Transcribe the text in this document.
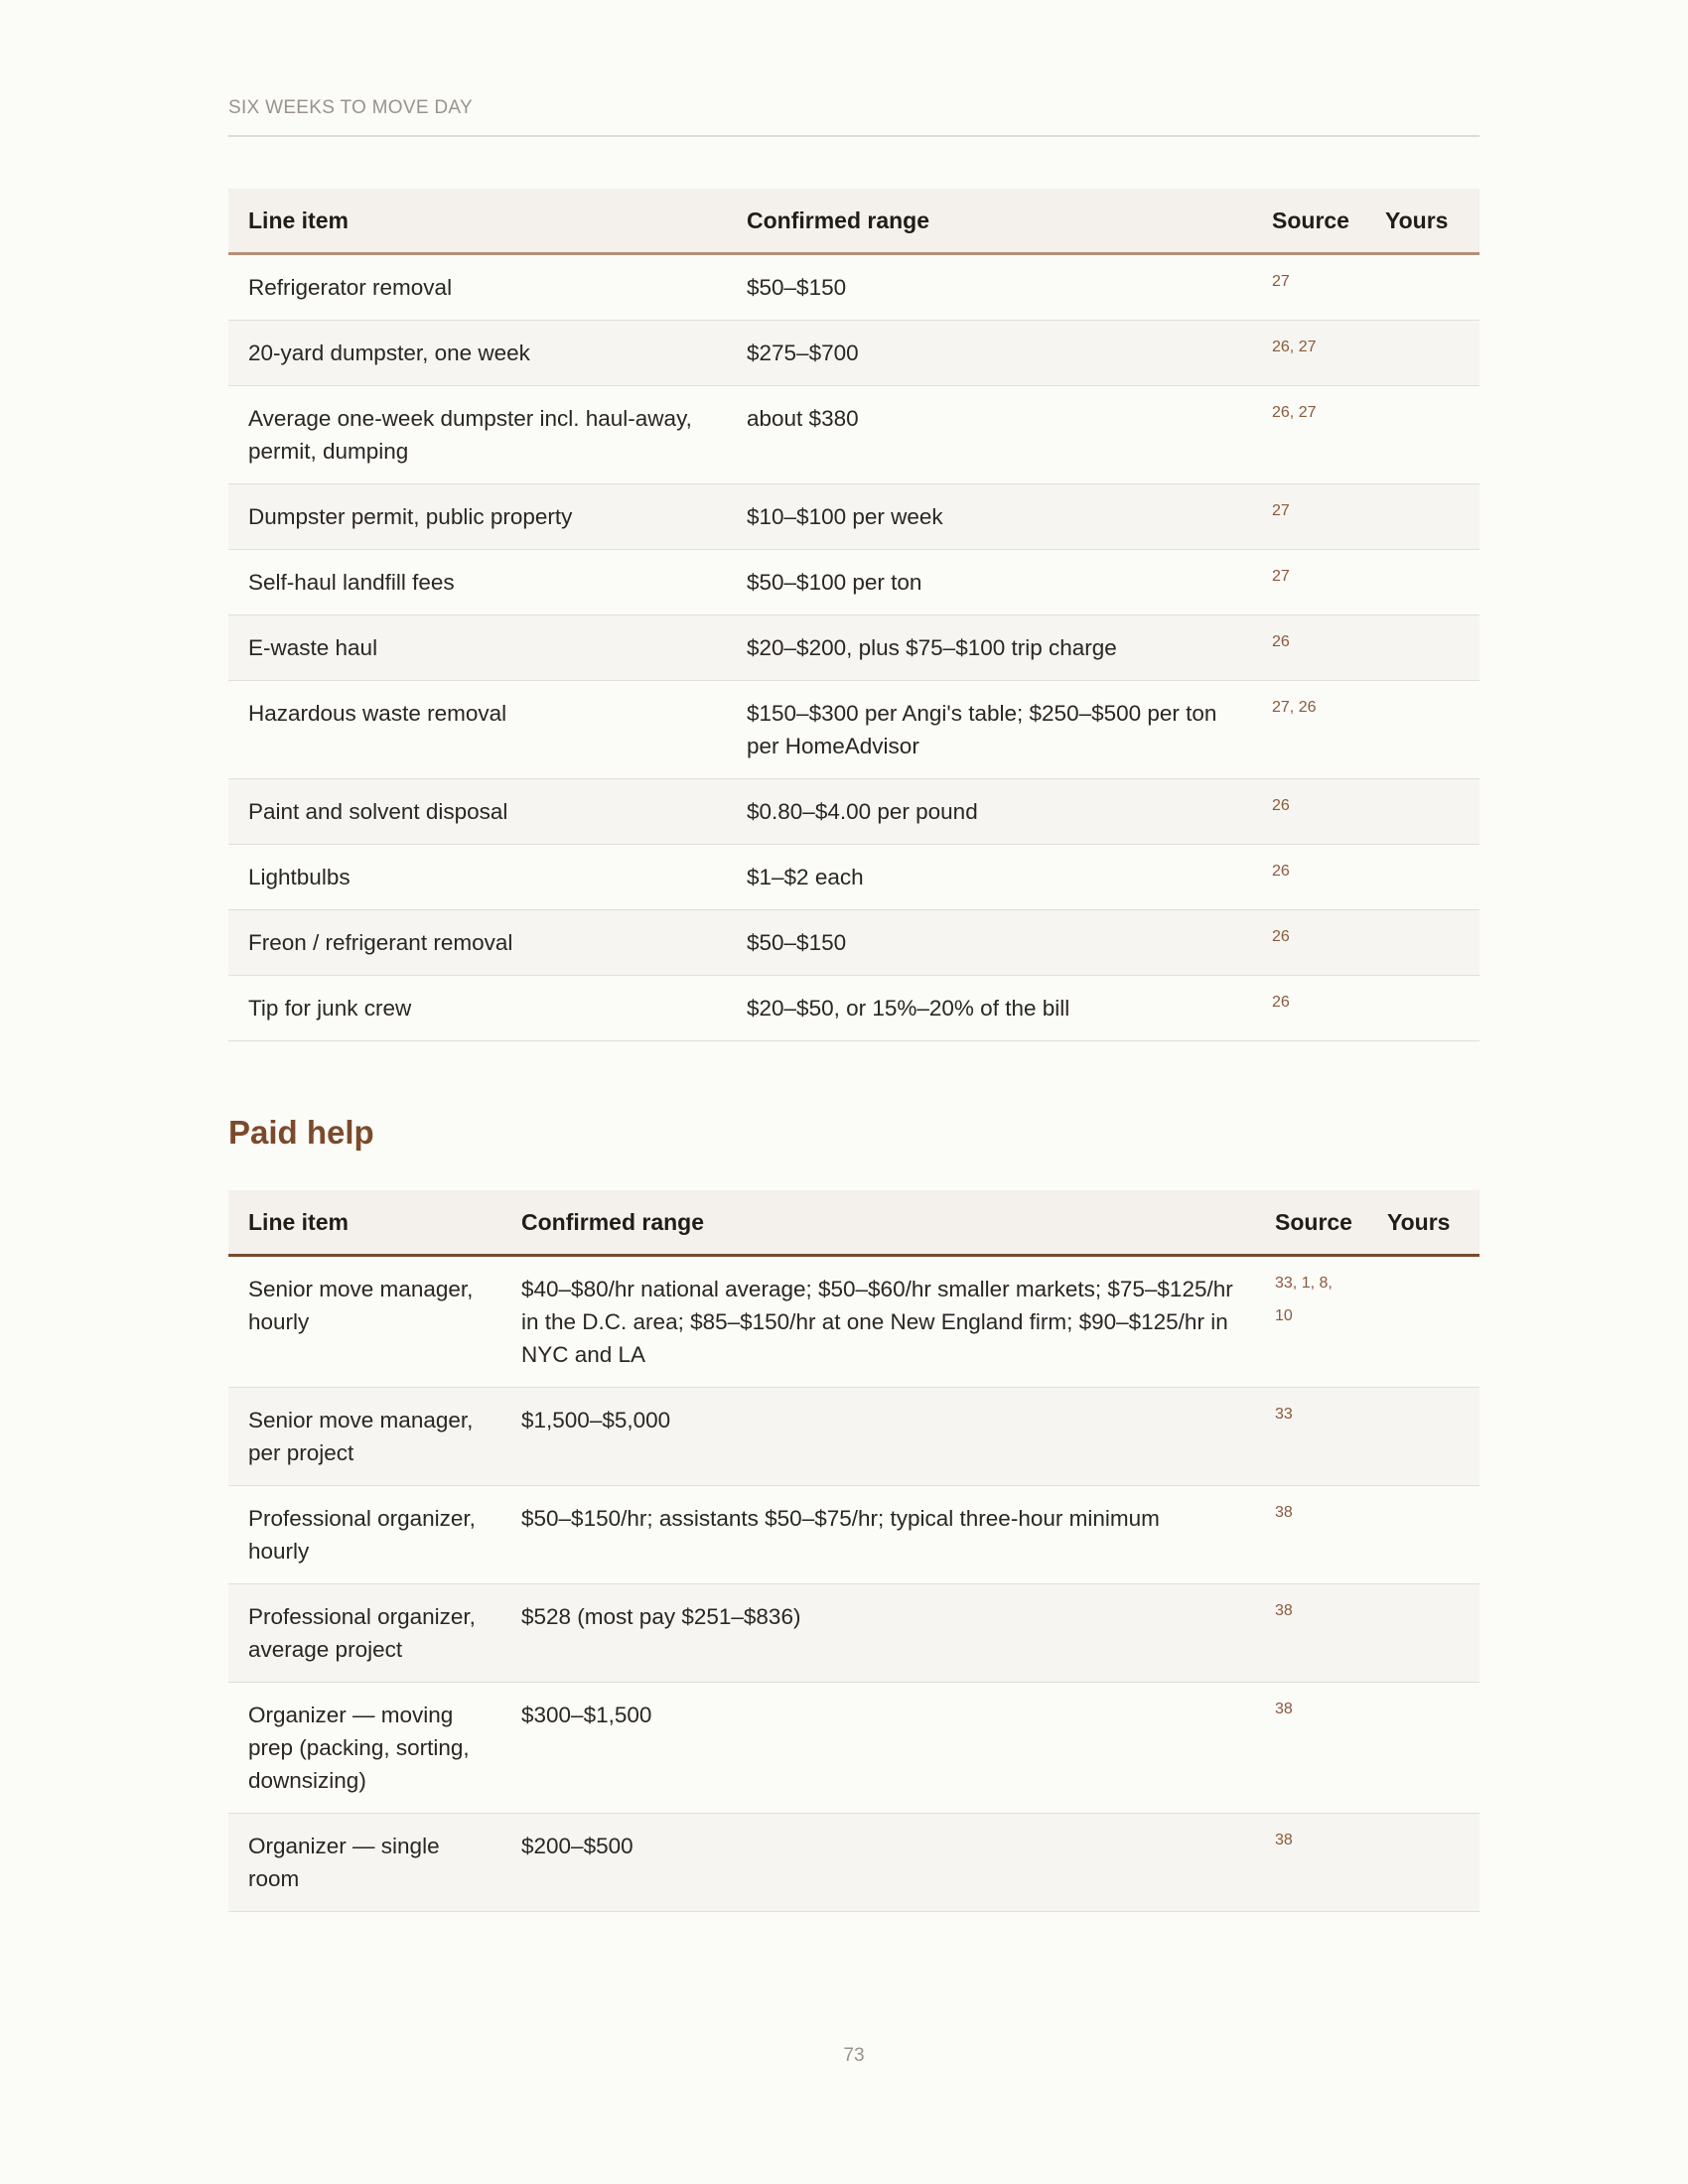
SIX WEEKS TO MOVE DAY
Line item	Confirmed range	Source	Yours
Refrigerator removal	$50–$150	27	
20-yard dumpster, one week	$275–$700	26, 27	
Average one-week dumpster incl. haul-away, permit, dumping	about $380	26, 27	
Dumpster permit, public property	$10–$100 per week	27	
Self-haul landfill fees	$50–$100 per ton	27	
E-waste haul	$20–$200, plus $75–$100 trip charge	26	
Hazardous waste removal	$150–$300 per Angi's table; $250–$500 per ton per HomeAdvisor	27, 26	
Paint and solvent disposal	$0.80–$4.00 per pound	26	
Lightbulbs	$1–$2 each	26	
Freon / refrigerant removal	$50–$150	26	
Tip for junk crew	$20–$50, or 15%–20% of the bill	26	
Paid help
Line item	Confirmed range	Source	Yours
Senior move manager, hourly	$40–$80/hr national average; $50–$60/hr smaller markets; $75–$125/hr in the D.C. area; $85–$150/hr at one New England firm; $90–$125/hr in NYC and LA	33, 1, 8, 10	
Senior move manager, per project	$1,500–$5,000	33	
Professional organizer, hourly	$50–$150/hr; assistants $50–$75/hr; typical three-hour minimum	38	
Professional organizer, average project	$528 (most pay $251–$836)	38	
Organizer — moving prep (packing, sorting, downsizing)	$300–$1,500	38	
Organizer — single room	$200–$500	38	
73
